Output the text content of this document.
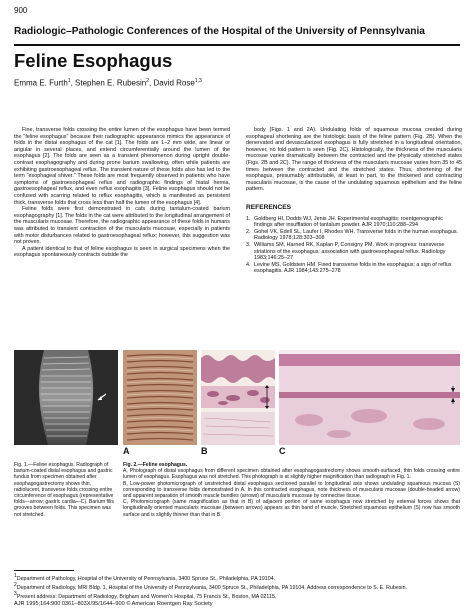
900
Radiologic–Pathologic Conferences of the Hospital of the University of Pennsylvania
Feline Esophagus
Emma E. Furth$^1$, Stephen E. Rubesin$^2$, David Rose$^{1,3}$

Fine, transverse folds crossing the entire lumen of the esophagus have been termed the "feline esophagus" because their radiographic appearance mimics the appearance of folds in the distal esophagus of the cat [1]. The folds are 1–2 mm wide, are linear or angular in several places, and extend circumferentially around the lumen of the esophagus [2]. The folds are seen as a transient phenomenon during upright double-contrast esophagography and during prone barium swallowing, often while patients are exhibiting gastroesophageal reflux. The transient nature of these folds also has led to the term "esophageal shiver." These folds are most frequently observed in patients who have symptoms of gastroesophageal reflux and radiographic findings of hiatal hernia, gastroesophageal reflux, and even reflux esophagitis [3]. Feline esophagus should not be confused with scarring related to reflux esophagitis, which is manifested as persistent thick, transverse folds that cross less than half the lumen of the esophagus [4].

Feline folds were first demonstrated in cats during tantalum-coated barium esophagography [1]. The folds in the cat were attributed to the longitudinal arrangement of the muscularis mucosae. Therefore, the radiographic appearance of these folds in humans was attributed to transient contraction of the muscularis mucosae, especially in patients with motor disturbances related to gastroesophageal reflux; however, this suggestion was not proven.

A patient identical to that of feline esophagus is seen in surgical specimens when the esophagus spontaneously contracts outside the

body (Figs. 1 and 2A). Undulating folds of squamous mucosa created during esophageal shortening are the histologic basis of the feline pattern (Fig. 2B). When the denervated and devascularized esophagus is fully stretched in a longitudinal orientation, however, no fold pattern is seen (Fig. 2C). Histologically, the thickness of the muscularis mucosae varies dramatically between the contracted and the physically stretched states (Figs. 2B and 2C). The range of thickness of the muscularis mucosae varies from 35 to 45 times between the contracted and the stretched states. Thus, shortening of the esophagus, presumably attributable, at least in part, to the thickened and contracting muscularis mucosae, is the cause of the undulating squamous epithelium and the feline pattern.

REFERENCES
1. Goldberg HI, Dodds WJ, Jenis JH. Experimental esophagitis: roentgenographic findings after insufflation of tantalum powder. AJR 1970;110:288–294
2. Gohel VK, Edell SL, Laufer I, Rhodes WH. Transverse folds in the human esophagus. Radiology 1978;128:303–308
3. Williams SM, Harned RK, Kaplan P, Consigny PM. Work in progress: transverse striations of the esophagus: association with gastroesophageal reflux. Radiology 1983;146:25–27
4. Levine MS, Goldstein HM. Fixed transverse folds in the esophagus: a sign of reflux esophagitis. AJR 1984;143:275–278
A	B	C
Fig. 1.—Feline esophagus. Radiograph of barium-coated distal esophagus and gastric fundus from specimen obtained after esophagogastrectomy shows thin, radiolucent, transverse folds crossing entire circumference of esophagus (representative folds—arrow; gastric cardia—C). Barium fills grooves between folds. This specimen was not stretched.

Fig. 2.—Feline esophagus.

A, Photograph of distal esophagus from different specimen obtained after esophagogastrectomy shows smooth-surfaced, thin folds crossing entire lumen of esophagus. Esophagus was not stretched. This photograph is at slightly higher magnification than radiograph in Fig. 1.

B, Low-power photomicrograph of unstretched distal esophagus sectioned parallel to longitudinal axis shows undulating squamous mucosa (S) corresponding to transverse folds demonstrated in A. In this contracted esophagus, note thickness of muscularis mucosae (double-headed arrow) and apparent separation of smooth muscle bundles (arrows) of muscularis mucosae by connective tissue.

C, Photomicrograph (same magnification as that in B) of adjacent portion of same esophagus now stretched by external forces shows that longitudinally oriented muscularis mucosae (between arrows) appears as thin band of muscle. Stretched squamous epithelium (S) now has smooth surface and is slightly thinner than that in B.

$^1$Department of Pathology, Hospital of the University of Pennsylvania, 3400 Spruce St., Philadelphia, PA 19104.

$^2$Department of Radiology, MRI Bldg. 1, Hospital of the University of Pennsylvania, 3400 Spruce St., Philadelphia, PA 19104. Address correspondence to S. E. Rubesin.

$^3$Present address: Department of Radiology, Brigham and Women's Hospital, 75 Francis St., Boston, MA 02115.

AJR 1995;164:900 0361–803X/95/1644–900 © American Roentgen Ray Society
